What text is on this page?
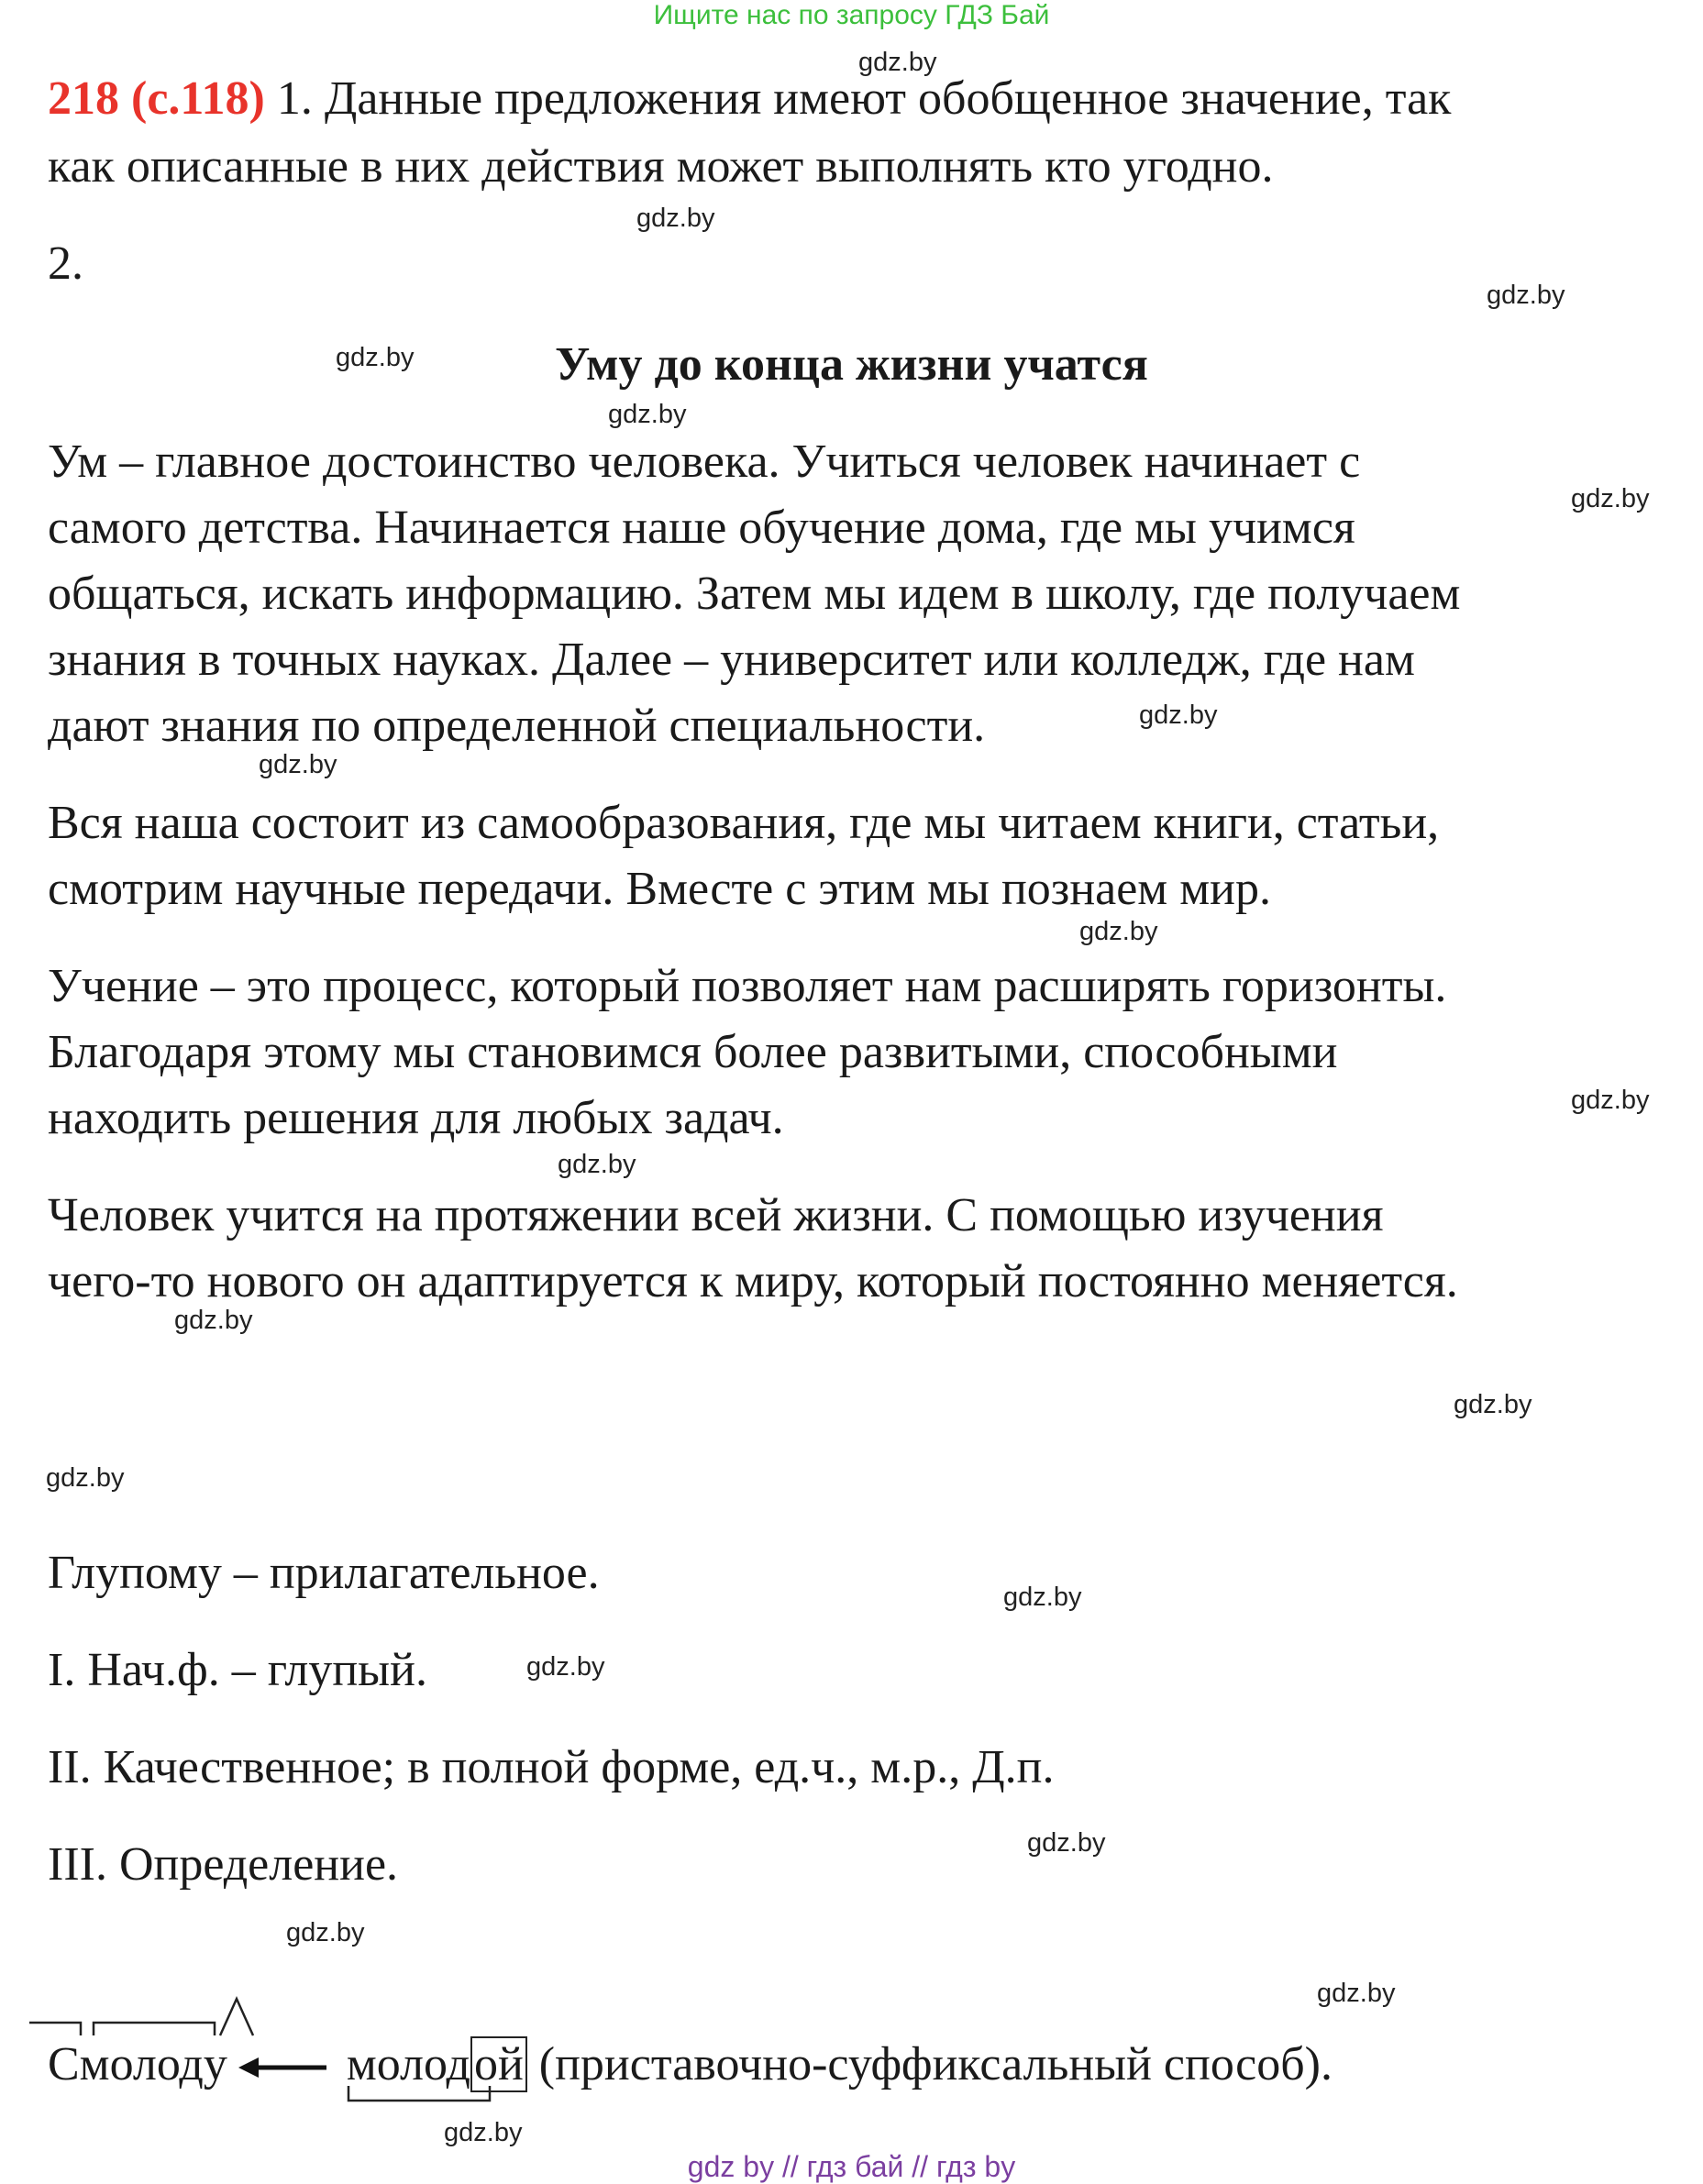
Ищите нас по запросу ГДЗ Бай
218 (с.118) 1. Данные предложения имеют обобщенное значение, так
как описанные в них действия может выполнять кто угодно.
2.
Уму до конца жизни учатся
Ум – главное достоинство человека. Учиться человек начинает с
самого детства. Начинается наше обучение дома, где мы учимся
общаться, искать информацию. Затем мы идем в школу, где получаем
знания в точных науках. Далее – университет или колледж, где нам
дают знания по определенной специальности.
Вся наша состоит из самообразования, где мы читаем книги, статьи,
смотрим научные передачи. Вместе с этим мы познаем мир.
Учение – это процесс, который позволяет нам расширять горизонты.
Благодаря этому мы становимся более развитыми, способными
находить решения для любых задач.
Человек учится на протяжении всей жизни. С помощью изучения
чего-то нового он адаптируется к миру, который постоянно меняется.
Глупому – прилагательное.
I. Нач.ф. – глупый.
II. Качественное; в полной форме, ед.ч., м.р., Д.п.
III. Определение.
Смолоду	молодой
(приставочно-суффиксальный способ).
gdz.by
gdz.by
gdz.by
gdz.by
gdz.by
gdz.by
gdz.by
gdz.by
gdz.by
gdz.by
gdz.by
gdz.by
gdz.by
gdz.by
gdz.by
gdz.by
gdz.by
gdz.by
gdz.by
gdz.by
gdz by // гдз бай // гдз by
